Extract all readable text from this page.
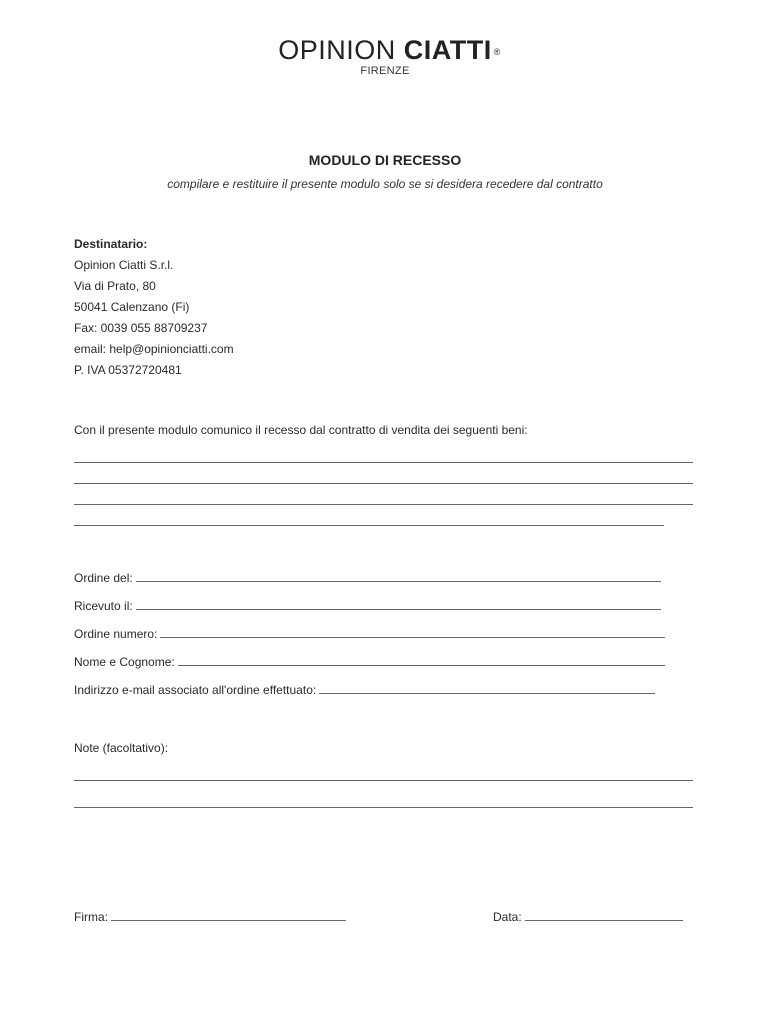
OPINION CIATTI ®
FIRENZE
MODULO DI RECESSO
compilare e restituire il presente modulo solo se si desidera recedere dal contratto
Destinatario:
Opinion Ciatti S.r.l.
Via di Prato, 80
50041 Calenzano (Fi)
Fax: 0039 055 88709237
email: help@opinionciatti.com
P. IVA 05372720481
Con il presente modulo comunico il recesso dal contratto di vendita dei seguenti beni:
Ordine del:
Ricevuto il:
Ordine numero:
Nome e Cognome:
Indirizzo e-mail associato all'ordine effettuato:
Note (facoltativo):
Firma:	Data:
